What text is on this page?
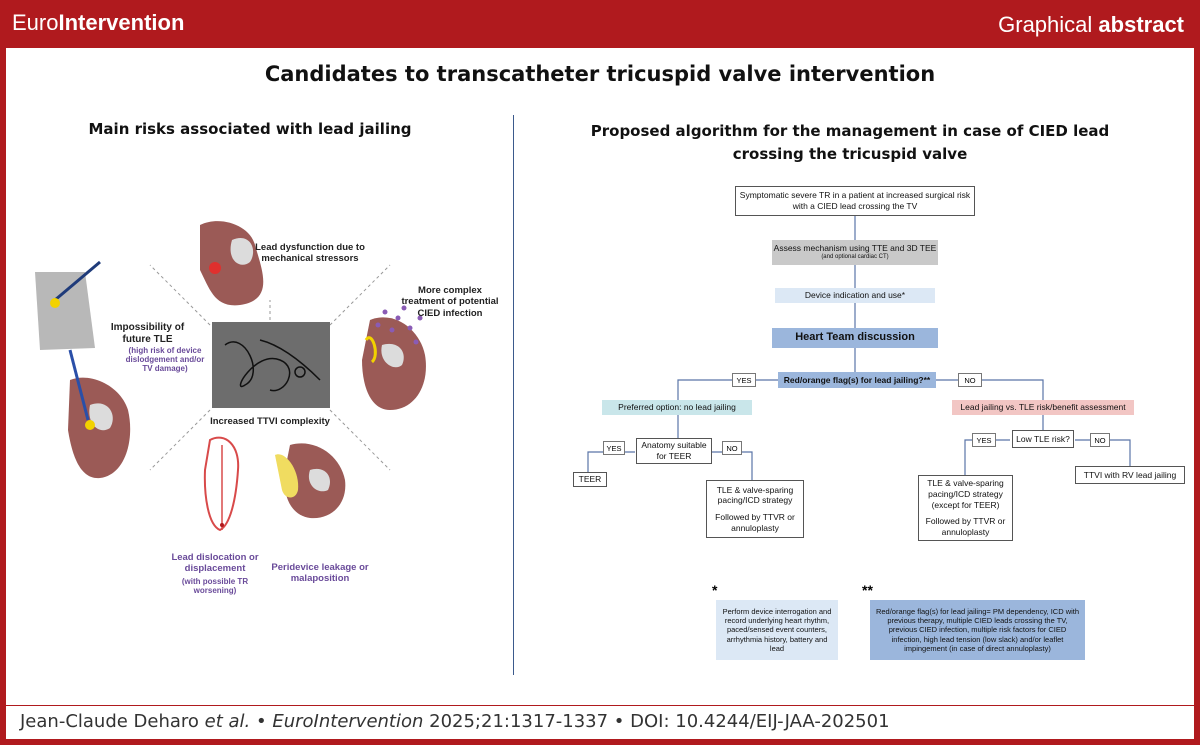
EuroIntervention	Graphical abstract
Candidates to transcatheter tricuspid valve intervention
Main risks associated with lead jailing
Lead dysfunction due to mechanical stressors
More complex treatment of potential CIED infection
Impossibility of future TLE
(high risk of device dislodgement and/or TV damage)
Increased TTVI complexity
Lead dislocation or displacement
(with possible TR worsening)
Peridevice leakage or malaposition
Proposed algorithm for the management in case of CIED lead crossing the tricuspid valve
Symptomatic severe TR in a patient at increased surgical risk with a CIED lead crossing the TV
Assess mechanism using TTE and 3D TEE
(and optional cardiac CT)
Device indication and use*
Heart Team discussion
Red/orange flag(s) for lead jailing?**
YES	NO
Preferred option: no lead jailing	Lead jailing vs. TLE risk/benefit assessment
Anatomy suitable for TEER
YES	NO
Low TLE risk?
YES	NO
TEER
TLE & valve-sparing pacing/ICD strategy
Followed by TTVR or annuloplasty
TLE & valve-sparing pacing/ICD strategy
(except for TEER)
Followed by TTVR or annuloplasty
TTVI with RV lead jailing
*	**
Perform device interrogation and record underlying heart rhythm, paced/sensed event counters, arrhythmia history, battery and lead
Red/orange flag(s) for lead jailing= PM dependency, ICD with previous therapy, multiple CIED leads crossing the TV, previous CIED infection, multiple risk factors for CIED infection, high lead tension (low slack) and/or leaflet impingement (in case of direct annuloplasty)
Jean-Claude Deharo et al. • EuroIntervention 2025;21:1317-1337 • DOI: 10.4244/EIJ-JAA-202501
